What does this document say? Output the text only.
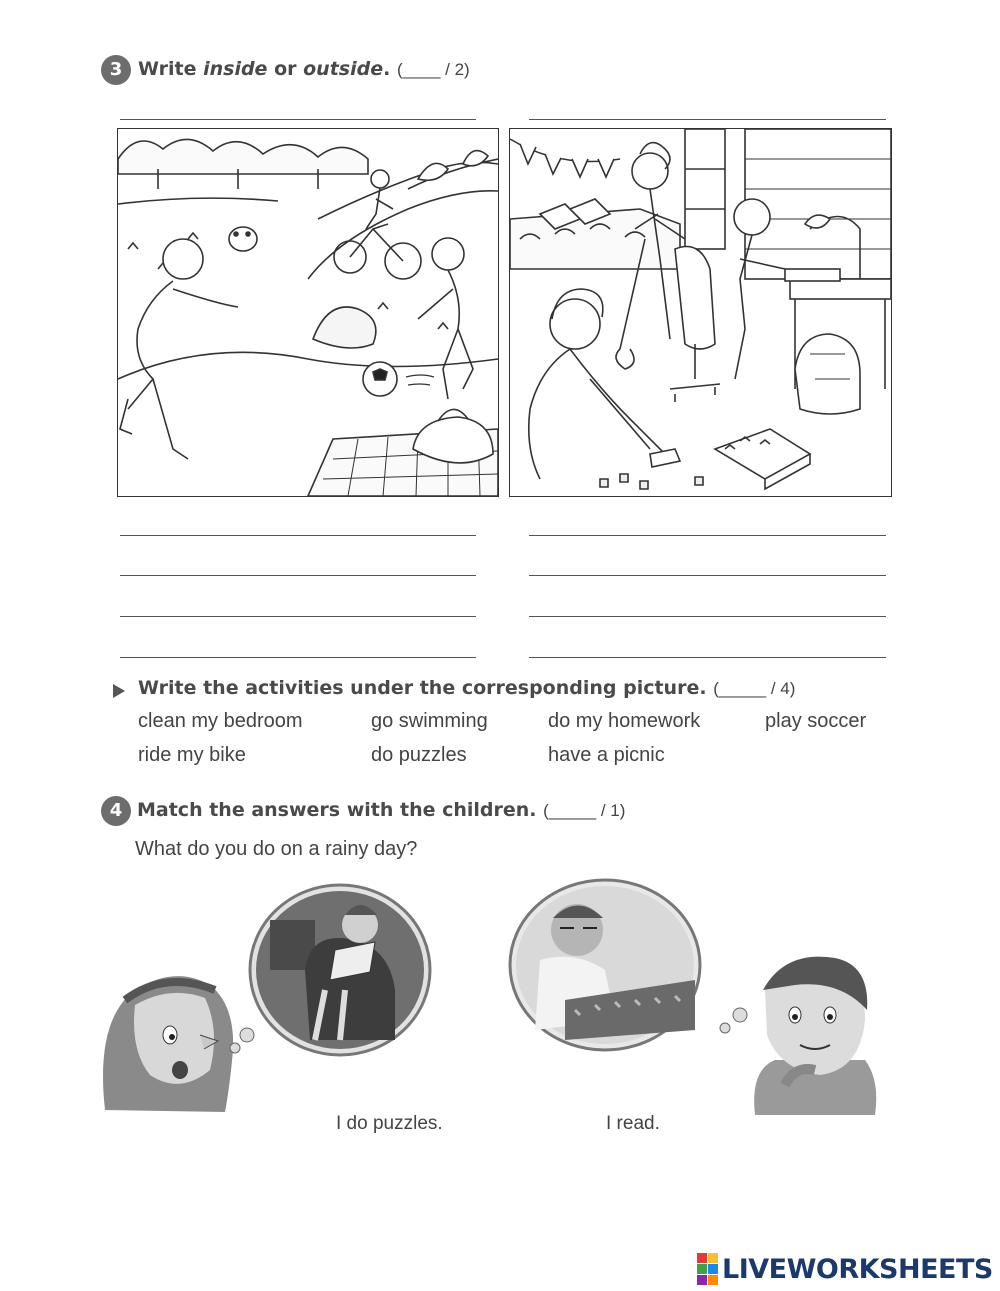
3 Write inside or outside. (____ / 2)
Write the activities under the corresponding picture. (_____ / 4)
clean my bedroom	go swimming	do my homework	play soccer
ride my bike	do puzzles	have a picnic
4 Match the answers with the children. (_____ / 1)
What do you do on a rainy day?
I do puzzles.	I read.
LIVEWORKSHEETS
